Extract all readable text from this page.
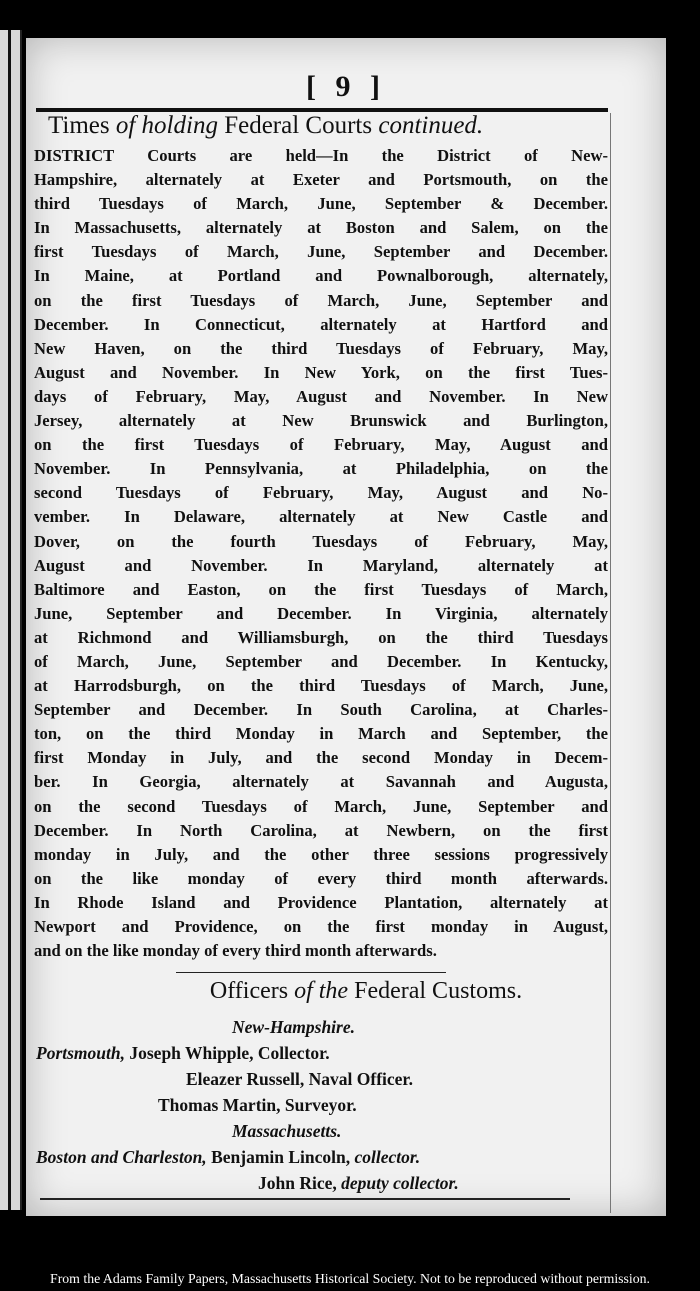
[ 9 ]
Times of holding Federal Courts continued.
DISTRICT Courts are held—In the District of New-
Hampshire, alternately at Exeter and Portsmouth, on the
third Tuesdays of March, June, September & December.
In Massachusetts, alternately at Boston and Salem, on the
first Tuesdays of March, June, September and December.
In Maine, at Portland and Pownalborough, alternately,
on the first Tuesdays of March, June, September and
December. In Connecticut, alternately at Hartford and
New Haven, on the third Tuesdays of February, May,
August and November. In New York, on the first Tues-
days of February, May, August and November. In New
Jersey, alternately at New Brunswick and Burlington,
on the first Tuesdays of February, May, August and
November. In Pennsylvania, at Philadelphia, on the
second Tuesdays of February, May, August and No-
vember. In Delaware, alternately at New Castle and
Dover, on the fourth Tuesdays of February, May,
August and November. In Maryland, alternately at
Baltimore and Easton, on the first Tuesdays of March,
June, September and December. In Virginia, alternately
at Richmond and Williamsburgh, on the third Tuesdays
of March, June, September and December. In Kentucky,
at Harrodsburgh, on the third Tuesdays of March, June,
September and December. In South Carolina, at Charles-
ton, on the third Monday in March and September, the
first Monday in July, and the second Monday in Decem-
ber. In Georgia, alternately at Savannah and Augusta,
on the second Tuesdays of March, June, September and
December. In North Carolina, at Newbern, on the first
monday in July, and the other three sessions progressively
on the like monday of every third month afterwards.
In Rhode Island and Providence Plantation, alternately at
Newport and Providence, on the first monday in August,
and on the like monday of every third month afterwards.
Officers of the Federal Customs.
New-Hampshire.
Portsmouth, Joseph Whipple, Collector.
Eleazer Russell, Naval Officer.
Thomas Martin, Surveyor.
Massachusetts.
Boston and Charleston, Benjamin Lincoln, collector.
John Rice, deputy collector.
From the Adams Family Papers, Massachusetts Historical Society. Not to be reproduced without permission.
